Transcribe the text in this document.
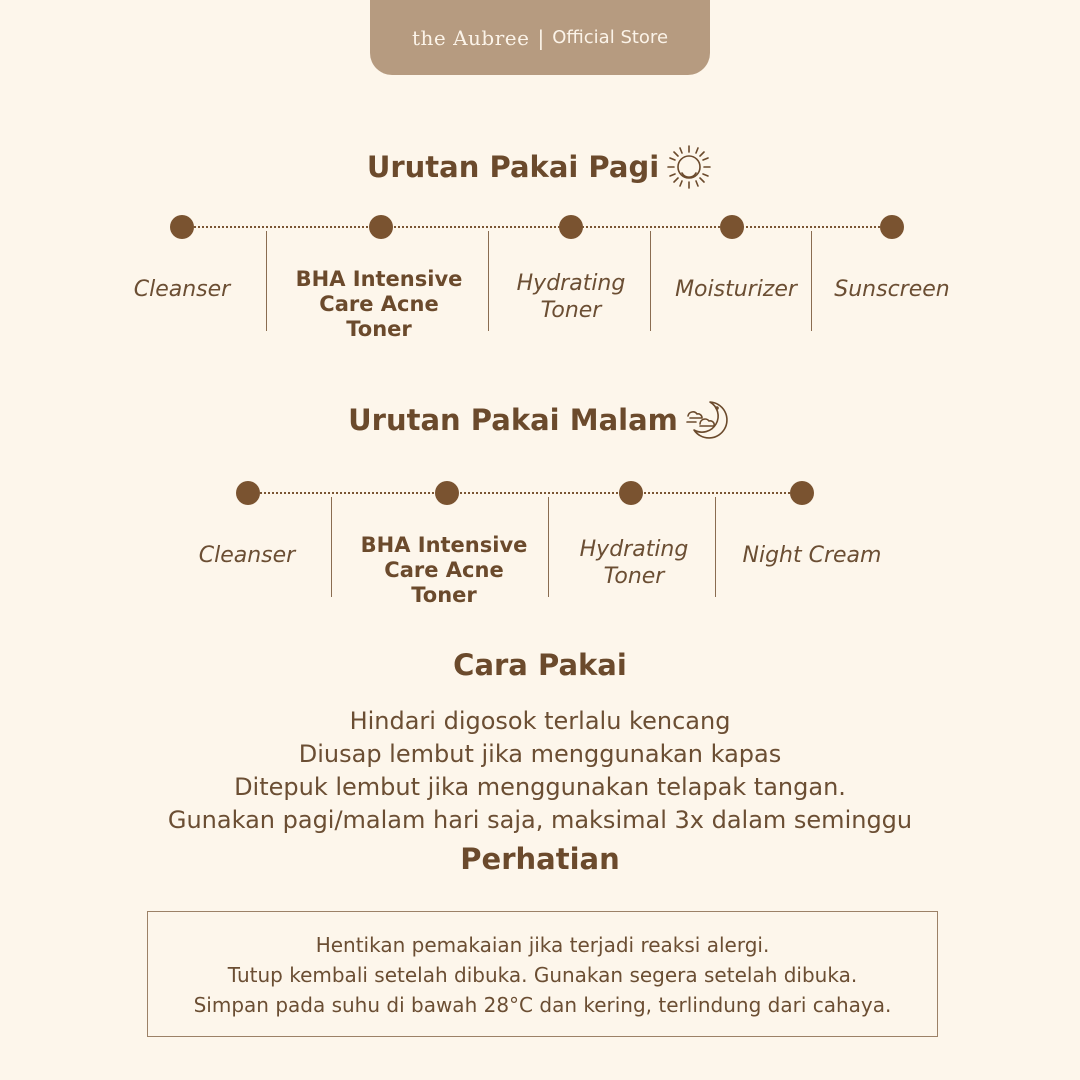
the Aubree | Official Store
Urutan Pakai Pagi
Cleanser	BHA Intensive Care Acne Toner
Hydrating Toner
Moisturizer	Sunscreen
Urutan Pakai Malam
Cleanser	BHA Intensive Care Acne Toner
Hydrating Toner
Night Cream
Cara Pakai
Hindari digosok terlalu kencang
Diusap lembut jika menggunakan kapas
Ditepuk lembut jika menggunakan telapak tangan.
Gunakan pagi/malam hari saja, maksimal 3x dalam seminggu
Perhatian
Hentikan pemakaian jika terjadi reaksi alergi.
Tutup kembali setelah dibuka. Gunakan segera setelah dibuka.
Simpan pada suhu di bawah 28°C dan kering, terlindung dari cahaya.
